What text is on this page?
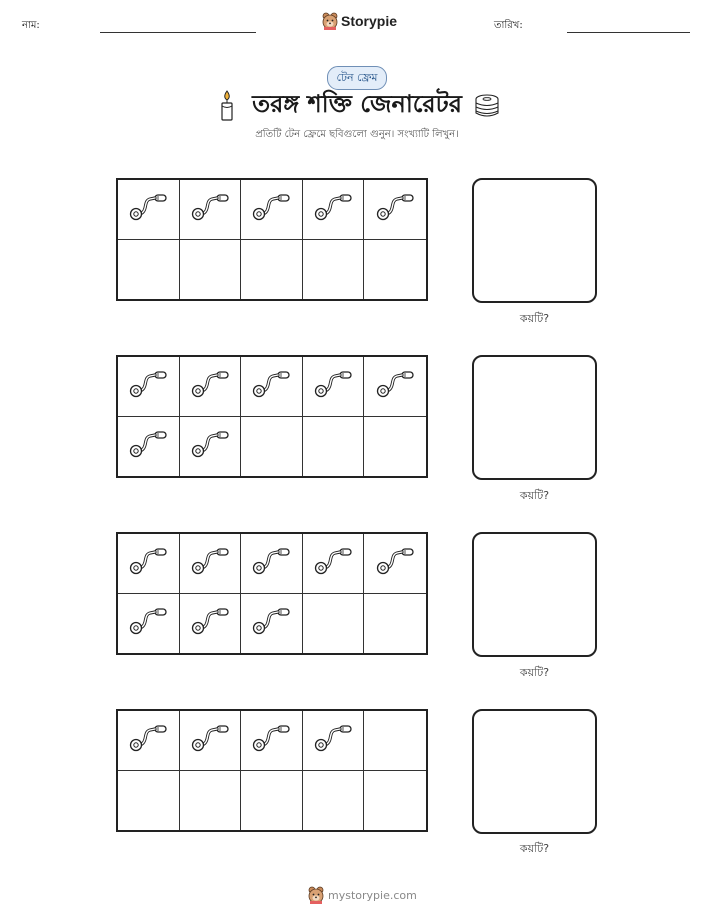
নাম:	Storypie	তারিখ:
টেন ফ্রেম
তরঙ্গ শক্তি জেনারেটর
প্রতিটি টেন ফ্রেমে ছবিগুলো গুনুন। সংখ্যাটি লিখুন।
কয়টি?
কয়টি?
কয়টি?
কয়টি?
mystorypie.com
